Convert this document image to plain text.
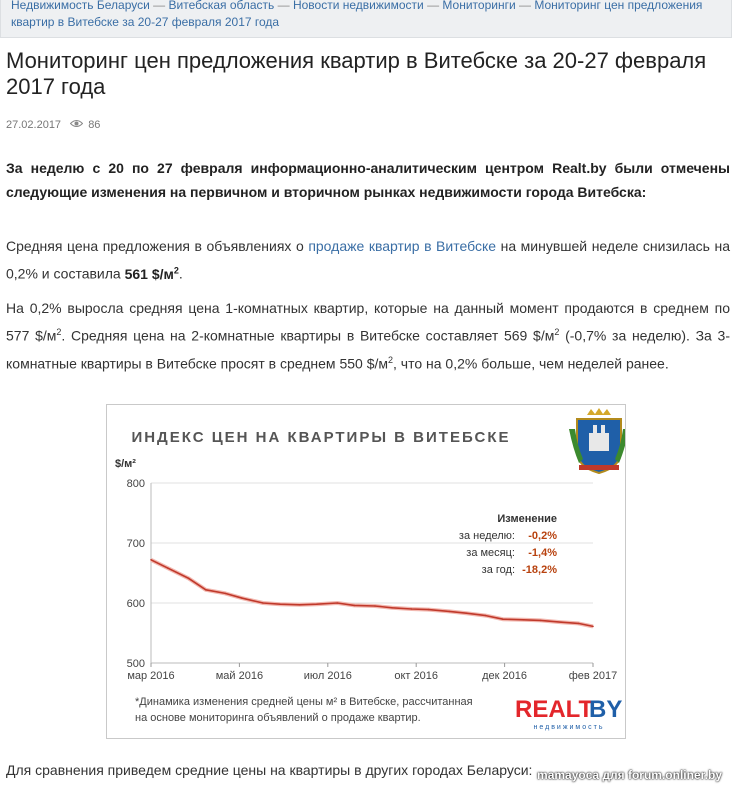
Недвижимость Беларуси — Витебская область — Новости недвижимости — Мониторинги — Мониторинг цен предложения квартир в Витебске за 20-27 февраля 2017 года
Мониторинг цен предложения квартир в Витебске за 20-27 февраля 2017 года
27.02.2017 86

За неделю с 20 по 27 февраля информационно-аналитическим центром Realt.by были отмечены следующие изменения на первичном и вторичном рынках недвижимости города Витебска:

Средняя цена предложения в объявлениях о продаже квартир в Витебске на минувшей неделе снизилась на 0,2% и составила 561 $\$/м^2$.

На 0,2% выросла средняя цена 1-комнатных квартир, которые на данный момент продаются в среднем по 577 $\$/м^2$. Средняя цена на 2-комнатные квартиры в Витебске составляет 569 $\$/м^2$ (-0,7% за неделю). За 3-комнатные квартиры в Витебске просят в среднем 550 $\$/м^2$, что на 0,2% больше, чем неделей ранее.

ИНДЕКС ЦЕН НА КВАРТИРЫ В ВИТЕБСКЕ
$/м²
500
600
700
800
мар 2016	май 2016	июл 2016	окт 2016	дек 2016	фев 2017
Изменение
за неделю: -0,2%
за месяц: -1,4%
за год: -18,2%
*Динамика изменения средней цены м² в Витебске, рассчитанная
на основе мониторинга объявлений о продаже квартир.	REALT
BY
недвижимость
Для сравнения приведем средние цены на квартиры в других городах Беларуси: mamayoca для forum.onliner.by
